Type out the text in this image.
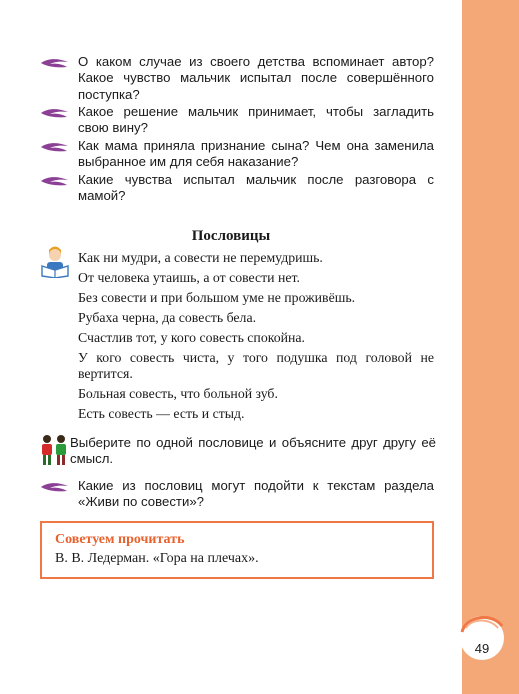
О каком случае из своего детства вспоминает автор? Какое чувство мальчик испытал после совершённого поступка?
Какое решение мальчик принимает, чтобы загладить свою вину?
Как мама приняла признание сына? Чем она заменила выбранное им для себя наказание?
Какие чувства испытал мальчик после разговора с мамой?
Пословицы
Как ни мудри, а совести не перемудришь.
От человека утаишь, а от совести нет.
Без совести и при большом уме не проживёшь.
Рубаха черна, да совесть бела.
Счастлив тот, у кого совесть спокойна.
У кого совесть чиста, у того подушка под головой не вертится.
Больная совесть, что больной зуб.
Есть совесть — есть и стыд.
Выберите по одной пословице и объясните друг другу её смысл.
Какие из пословиц могут подойти к текстам раздела «Живи по совести»?
Советуем прочитать
В. В. Ледерман. «Гора на плечах».
49
